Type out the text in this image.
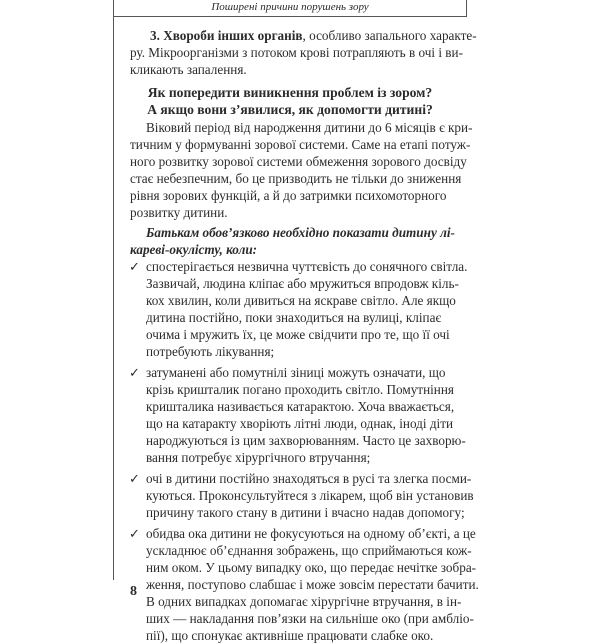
Поширені причини порушень зору
3. Хвороби інших органів, особливо запального характе-
ру. Мікроорганізми з потоком крові потрапляють в очі і ви-
кликають запалення.
Як попередити виникнення проблем із зором?
А якщо вони з’явилися, як допомогти дитині?
Віковий період від народження дитини до 6 місяців є кри-
тичним у формуванні зорової системи. Саме на етапі потуж-
ного розвитку зорової системи обмеження зорового досвіду
стає небезпечним, бо це призводить не тільки до зниження
рівня зорових функцій, а й до затримки психомоторного
розвитку дитини.
Батькам обов’язково необхідно показати дитину лі-
кареві-окулісту, коли:
✓ спостерігається незвична чуттєвість до сонячного світла.
Зазвичай, людина кліпає або мружиться впродовж кіль-
кох хвилин, коли дивиться на яскраве світло. Але якщо
дитина постійно, поки знаходиться на вулиці, кліпає
очима і мружить їх, це може свідчити про те, що її очі
потребують лікування;
✓ затуманені або помутнілі зіниці можуть означати, що
крізь кришталик погано проходить світло. Помутніння
кришталика називається катарактою. Хоча вважається,
що на катаракту хворіють літні люди, однак, іноді діти
народжуються із цим захворюванням. Часто це захворю-
вання потребує хірургічного втручання;
✓ очі в дитини постійно знаходяться в русі та злегка посми-
куються. Проконсультуйтеся з лікарем, щоб він установив
причину такого стану в дитини і вчасно надав допомогу;
✓ обидва ока дитини не фокусуються на одному об’єкті, а це
ускладнює об’єднання зображень, що сприймаються кож-
ним оком. У цьому випадку око, що передає нечітке зобра-
ження, поступово слабшає і може зовсім перестати бачити.
В одних випадках допомагає хірургічне втручання, в ін-
ших — накладання пов’язки на сильніше око (при амбліо-
пії), що спонукає активніше працювати слабке око.
8
